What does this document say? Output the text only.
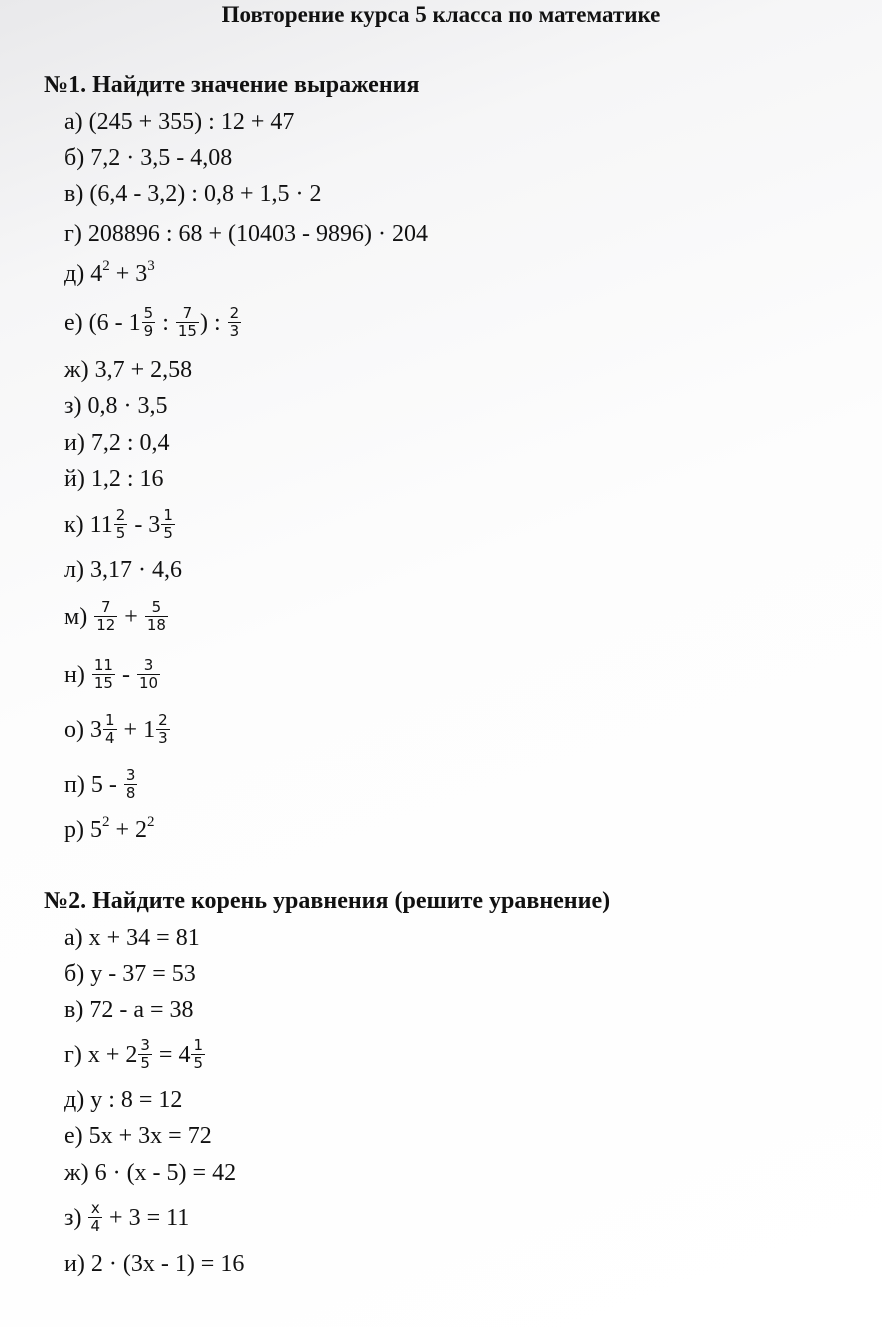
Повторение курса 5 класса по математике
№1. Найдите значение выражения
а) (245 + 355) : 12 + 47
б) 7,2 · 3,5 - 4,08
в) (6,4 - 3,2) : 0,8 + 1,5 · 2
г) 208896 : 68 + (10403 - 9896) · 204
д) $4^2 + 3^3$
е) ($6 - 1 \frac{5}{9}$ : $\frac{7}{15}$ ) : $\frac{2}{3}$
ж) 3,7 + 2,58
з) 0,8 · 3,5
и) 7,2 : 0,4
й) 1,2 : 16
к) $11 \frac{2}{5} - 3 \frac{1}{5}$
л) 3,17 · 4,6
$м) \frac{7}{12} + \frac{5}{18}$
$н) \frac{11}{15} - \frac{3}{10}$
о) $3 \frac{1}{4} + 1 \frac{2}{3}$
п) $5 - \frac{3}{8}$
р) $5^2 + 2^2$
№2. Найдите корень уравнения (решите уравнение)
а) x + 34 = 81
б) y - 37 = 53
в) 72 - a = 38
г) $x + 2 \frac{3}{5} = 4 \frac{1}{5}$
д) y : 8 = 12
е) 5x + 3x = 72
ж) 6 · (x - 5) = 42
$з) \frac{x}{4} + 3 = 11$
и) 2 · (3x - 1) = 16
